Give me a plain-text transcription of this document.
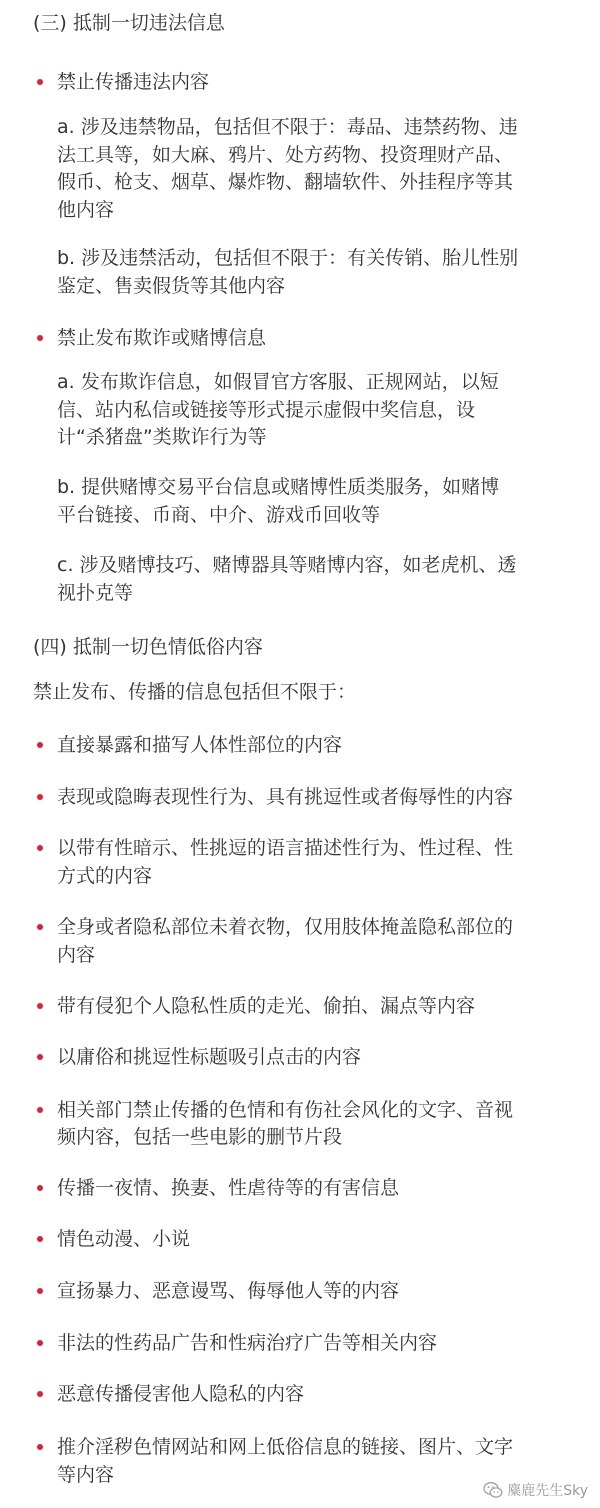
(三) 抵制一切违法信息
禁止传播违法内容
a. 涉及违禁物品，包括但不限于：毒品、违禁药物、违
法工具等，如大麻、鸦片、处方药物、投资理财产品、
假币、枪支、烟草、爆炸物、翻墙软件、外挂程序等其
他内容
b. 涉及违禁活动，包括但不限于：有关传销、胎儿性别
鉴定、售卖假货等其他内容
禁止发布欺诈或赌博信息
a. 发布欺诈信息，如假冒官方客服、正规网站，以短
信、站内私信或链接等形式提示虚假中奖信息，设
计“杀猪盘”类欺诈行为等
b. 提供赌博交易平台信息或赌博性质类服务，如赌博
平台链接、币商、中介、游戏币回收等
c. 涉及赌博技巧、赌博器具等赌博内容，如老虎机、透
视扑克等
(四) 抵制一切色情低俗内容
禁止发布、传播的信息包括但不限于：
直接暴露和描写人体性部位的内容
表现或隐晦表现性行为、具有挑逗性或者侮辱性的内容
以带有性暗示、性挑逗的语言描述性行为、性过程、性
方式的内容
全身或者隐私部位未着衣物，仅用肢体掩盖隐私部位的
内容
带有侵犯个人隐私性质的走光、偷拍、漏点等内容
以庸俗和挑逗性标题吸引点击的内容
相关部门禁止传播的色情和有伤社会风化的文字、音视
频内容，包括一些电影的删节片段
传播一夜情、换妻、性虐待等的有害信息
情色动漫、小说
宣扬暴力、恶意谩骂、侮辱他人等的内容
非法的性药品广告和性病治疗广告等相关内容
恶意传播侵害他人隐私的内容
推介淫秽色情网站和网上低俗信息的链接、图片、文字
等内容
麋鹿先生Sky
